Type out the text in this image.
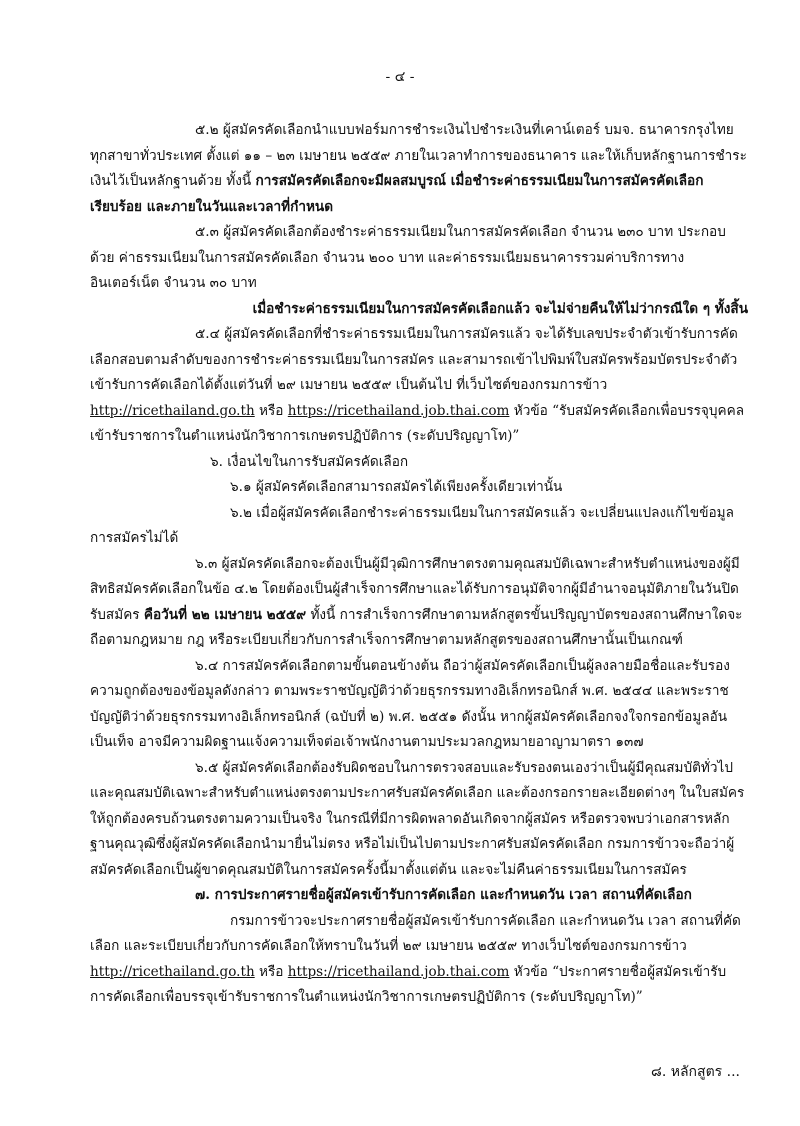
- ๔ -

๕.๒ ผู้สมัครคัดเลือกนำแบบฟอร์มการชำระเงินไปชำระเงินที่เคาน์เตอร์ บมจ. ธนาคารกรุงไทย ทุกสาขาทั่วประเทศ ตั้งแต่ ๑๑ – ๒๓ เมษายน ๒๕๕๙ ภายในเวลาทำการของธนาคาร และให้เก็บหลักฐานการชำระเงินไว้เป็นหลักฐานด้วย ทั้งนี้ การสมัครคัดเลือกจะมีผลสมบูรณ์ เมื่อชำระค่าธรรมเนียมในการสมัครคัดเลือกเรียบร้อย และภายในวันและเวลาที่กำหนด

๕.๓ ผู้สมัครคัดเลือกต้องชำระค่าธรรมเนียมในการสมัครคัดเลือก จำนวน ๒๓๐ บาท ประกอบด้วย ค่าธรรมเนียมในการสมัครคัดเลือก จำนวน ๒๐๐ บาท และค่าธรรมเนียมธนาคารรวมค่าบริการทางอินเตอร์เน็ต จำนวน ๓๐ บาท

เมื่อชำระค่าธรรมเนียมในการสมัครคัดเลือกแล้ว จะไม่จ่ายคืนให้ไม่ว่ากรณีใด ๆ ทั้งสิ้น

๕.๔ ผู้สมัครคัดเลือกที่ชำระค่าธรรมเนียมในการสมัครแล้ว จะได้รับเลขประจำตัวเข้ารับการคัดเลือกสอบตามลำดับของการชำระค่าธรรมเนียมในการสมัคร และสามารถเข้าไปพิมพ์ใบสมัครพร้อมบัตรประจำตัวเข้ารับการคัดเลือกได้ตั้งแต่วันที่ ๒๙ เมษายน ๒๕๕๙ เป็นต้นไป ที่เว็บไซต์ของกรมการข้าว http://ricethailand.go.th หรือ https://ricethailand.job.thai.com หัวข้อ “รับสมัครคัดเลือกเพื่อบรรจุบุคคลเข้ารับราชการในตำแหน่งนักวิชาการเกษตรปฏิบัติการ (ระดับปริญญาโท)”

๖. เงื่อนไขในการรับสมัครคัดเลือก

๖.๑ ผู้สมัครคัดเลือกสามารถสมัครได้เพียงครั้งเดียวเท่านั้น

๖.๒ เมื่อผู้สมัครคัดเลือกชำระค่าธรรมเนียมในการสมัครแล้ว จะเปลี่ยนแปลงแก้ไขข้อมูลการสมัครไม่ได้

๖.๓ ผู้สมัครคัดเลือกจะต้องเป็นผู้มีวุฒิการศึกษาตรงตามคุณสมบัติเฉพาะสำหรับตำแหน่งของผู้มีสิทธิสมัครคัดเลือกในข้อ ๔.๒ โดยต้องเป็นผู้สำเร็จการศึกษาและได้รับการอนุมัติจากผู้มีอำนาจอนุมัติภายในวันปิดรับสมัคร คือวันที่ ๒๒ เมษายน ๒๕๕๙ ทั้งนี้ การสำเร็จการศึกษาตามหลักสูตรขั้นปริญญาบัตรของสถานศึกษาใดจะถือตามกฎหมาย กฎ หรือระเบียบเกี่ยวกับการสำเร็จการศึกษาตามหลักสูตรของสถานศึกษานั้นเป็นเกณฑ์

๖.๔ การสมัครคัดเลือกตามขั้นตอนข้างต้น ถือว่าผู้สมัครคัดเลือกเป็นผู้ลงลายมือชื่อและรับรองความถูกต้องของข้อมูลดังกล่าว ตามพระราชบัญญัติว่าด้วยธุรกรรมทางอิเล็กทรอนิกส์ พ.ศ. ๒๕๔๔ และพระราชบัญญัติว่าด้วยธุรกรรมทางอิเล็กทรอนิกส์ (ฉบับที่ ๒) พ.ศ. ๒๕๕๑ ดังนั้น หากผู้สมัครคัดเลือกจงใจกรอกข้อมูลอันเป็นเท็จ อาจมีความผิดฐานแจ้งความเท็จต่อเจ้าพนักงานตามประมวลกฎหมายอาญามาตรา ๑๓๗

๖.๕ ผู้สมัครคัดเลือกต้องรับผิดชอบในการตรวจสอบและรับรองตนเองว่าเป็นผู้มีคุณสมบัติทั่วไปและคุณสมบัติเฉพาะสำหรับตำแหน่งตรงตามประกาศรับสมัครคัดเลือก และต้องกรอกรายละเอียดต่างๆ ในใบสมัครให้ถูกต้องครบถ้วนตรงตามความเป็นจริง ในกรณีที่มีการผิดพลาดอันเกิดจากผู้สมัคร หรือตรวจพบว่าเอกสารหลักฐานคุณวุฒิซึ่งผู้สมัครคัดเลือกนำมายื่นไม่ตรง หรือไม่เป็นไปตามประกาศรับสมัครคัดเลือก กรมการข้าวจะถือว่าผู้สมัครคัดเลือกเป็นผู้ขาดคุณสมบัติในการสมัครครั้งนี้มาตั้งแต่ต้น และจะไม่คืนค่าธรรมเนียมในการสมัคร

๗. การประกาศรายชื่อผู้สมัครเข้ารับการคัดเลือก และกำหนดวัน เวลา สถานที่คัดเลือก

กรมการข้าวจะประกาศรายชื่อผู้สมัครเข้ารับการคัดเลือก และกำหนดวัน เวลา สถานที่คัดเลือก และระเบียบเกี่ยวกับการคัดเลือกให้ทราบในวันที่ ๒๙ เมษายน ๒๕๕๙ ทางเว็บไซต์ของกรมการข้าว http://ricethailand.go.th หรือ https://ricethailand.job.thai.com หัวข้อ “ประกาศรายชื่อผู้สมัครเข้ารับการคัดเลือกเพื่อบรรจุเข้ารับราชการในตำแหน่งนักวิชาการเกษตรปฏิบัติการ (ระดับปริญญาโท)”

๘. หลักสูตร ...
